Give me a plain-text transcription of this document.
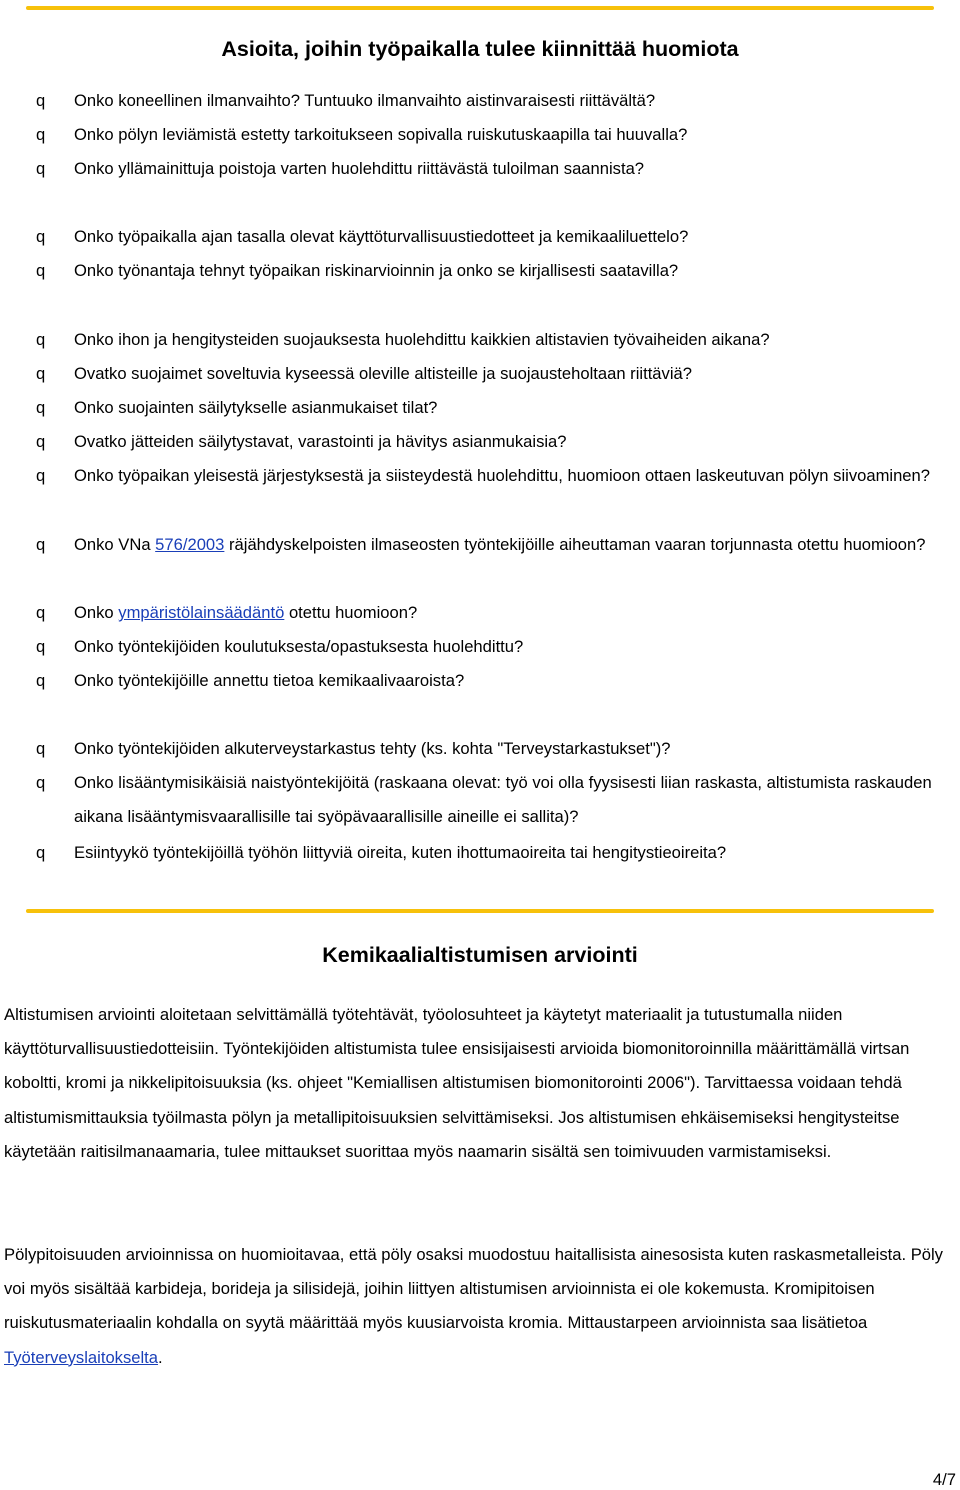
Asioita, joihin työpaikalla tulee kiinnittää huomiota
q	Onko koneellinen ilmanvaihto? Tuntuuko ilmanvaihto aistinvaraisesti riittävältä?
q	Onko pölyn leviämistä estetty tarkoitukseen sopivalla ruiskutuskaapilla tai huuvalla?
q	Onko yllämainittuja poistoja varten huolehdittu riittävästä tuloilman saannista?
q	Onko työpaikalla ajan tasalla olevat käyttöturvallisuustiedotteet ja kemikaaliluettelo?
q	Onko työnantaja tehnyt työpaikan riskinarvioinnin ja onko se kirjallisesti saatavilla?
q	Onko ihon ja hengitysteiden suojauksesta huolehdittu kaikkien altistavien työvaiheiden aikana?
q	Ovatko suojaimet soveltuvia kyseessä oleville altisteille ja suojausteholtaan riittäviä?
q	Onko suojainten säilytykselle asianmukaiset tilat?
q	Ovatko jätteiden säilytystavat, varastointi ja hävitys asianmukaisia?
q	Onko työpaikan yleisestä järjestyksestä ja siisteydestä huolehdittu, huomioon ottaen laskeutuvan pölyn siivoaminen?
q	Onko VNa 576/2003 räjähdyskelpoisten ilmaseosten työntekijöille aiheuttaman vaaran torjunnasta otettu huomioon?
q	Onko ympäristölainsäädäntö otettu huomioon?
q	Onko työntekijöiden koulutuksesta/opastuksesta huolehdittu?
q	Onko työntekijöille annettu tietoa kemikaalivaaroista?
q	Onko työntekijöiden alkuterveystarkastus tehty (ks. kohta "Terveystarkastukset")?
q	Onko lisääntymisikäisiä naistyöntekijöitä (raskaana olevat: työ voi olla fyysisesti liian raskasta, altistumista raskauden aikana lisääntymisvaarallisille tai syöpävaarallisille aineille ei sallita)?
q	Esiintyykö työntekijöillä työhön liittyviä oireita, kuten ihottumaoireita tai hengitystieoireita?
Kemikaalialtistumisen arviointi
Altistumisen arviointi aloitetaan selvittämällä työtehtävät, työolosuhteet ja käytetyt materiaalit ja tutustumalla niiden käyttöturvallisuustiedotteisiin. Työntekijöiden altistumista tulee ensisijaisesti arvioida biomonitoroinnilla määrittämällä virtsan koboltti, kromi ja nikkelipitoisuuksia (ks. ohjeet "Kemiallisen altistumisen biomonitorointi 2006"). Tarvittaessa voidaan tehdä altistumismittauksia työilmasta pölyn ja metallipitoisuuksien selvittämiseksi. Jos altistumisen ehkäisemiseksi hengitysteitse käytetään raitisilmanaamaria, tulee mittaukset suorittaa myös naamarin sisältä sen toimivuuden varmistamiseksi.
Pölypitoisuuden arvioinnissa on huomioitavaa, että pöly osaksi muodostuu haitallisista ainesosista kuten raskasmetalleista. Pöly voi myös sisältää karbideja, borideja ja silisidejä, joihin liittyen altistumisen arvioinnista ei ole kokemusta. Kromipitoisen ruiskutusmateriaalin kohdalla on syytä määrittää myös kuusiarvoista kromia. Mittaustarpeen arvioinnista saa lisätietoa Työterveyslaitokselta.
4/7
